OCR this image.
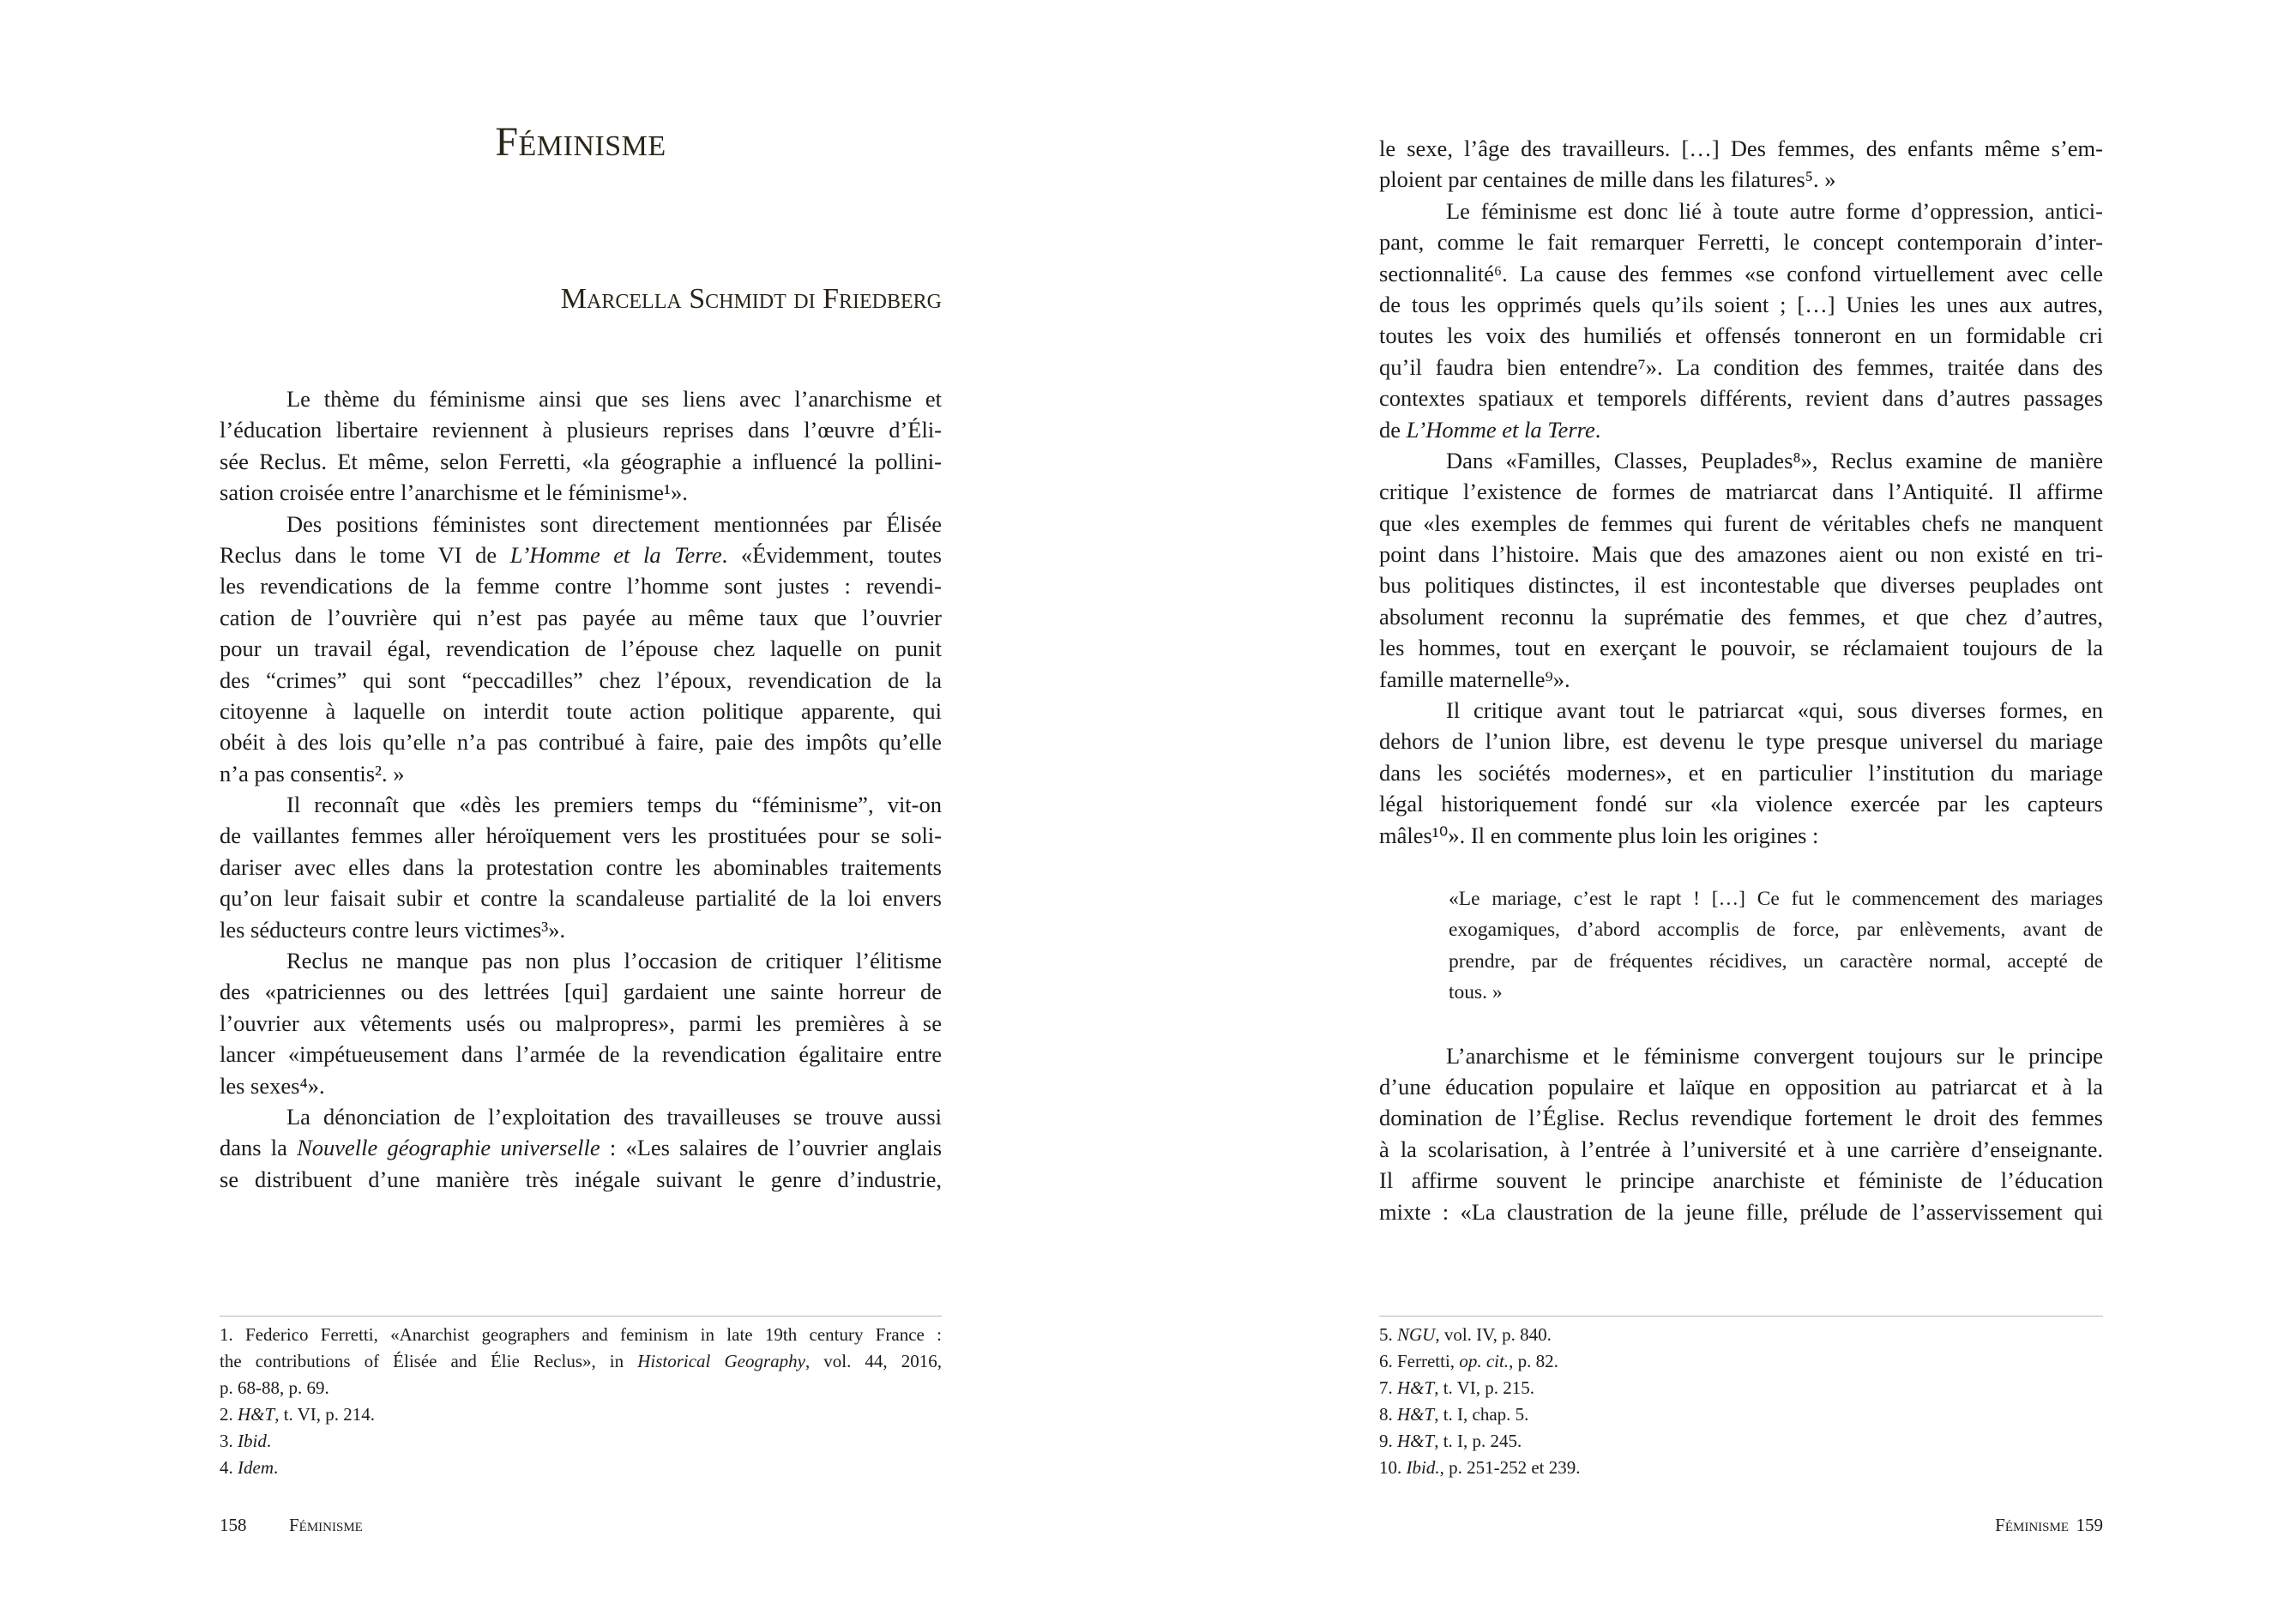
Féminisme
Marcella Schmidt di Friedberg
Le thème du féminisme ainsi que ses liens avec l’anarchisme et
l’éducation libertaire reviennent à plusieurs reprises dans l’œuvre d’Éli-
sée Reclus. Et même, selon Ferretti, «la géographie a influencé la pollini-
sation croisée entre l’anarchisme et le féminisme¹».
Des positions féministes sont directement mentionnées par Élisée
Reclus dans le tome VI de L’Homme et la Terre. «Évidemment, toutes
les revendications de la femme contre l’homme sont justes : revendi-
cation de l’ouvrière qui n’est pas payée au même taux que l’ouvrier
pour un travail égal, revendication de l’épouse chez laquelle on punit
des “crimes” qui sont “peccadilles” chez l’époux, revendication de la
citoyenne à laquelle on interdit toute action politique apparente, qui
obéit à des lois qu’elle n’a pas contribué à faire, paie des impôts qu’elle
n’a pas consentis². »
Il reconnaît que «dès les premiers temps du “féminisme”, vit-on
de vaillantes femmes aller héroïquement vers les prostituées pour se soli-
dariser avec elles dans la protestation contre les abominables traitements
qu’on leur faisait subir et contre la scandaleuse partialité de la loi envers
les séducteurs contre leurs victimes³».
Reclus ne manque pas non plus l’occasion de critiquer l’élitisme
des «patriciennes ou des lettrées [qui] gardaient une sainte horreur de
l’ouvrier aux vêtements usés ou malpropres», parmi les premières à se
lancer «impétueusement dans l’armée de la revendication égalitaire entre
les sexes⁴».
La dénonciation de l’exploitation des travailleuses se trouve aussi
dans la Nouvelle géographie universelle : «Les salaires de l’ouvrier anglais
se distribuent d’une manière très inégale suivant le genre d’industrie,
1. Federico Ferretti, «Anarchist geographers and feminism in late 19th century France :
the contributions of Élisée and Élie Reclus», in Historical Geography, vol. 44, 2016,
p. 68-88, p. 69.
2. H&T, t. VI, p. 214.
3. Ibid.
4. Idem.
158 Féminisme
le sexe, l’âge des travailleurs. […] Des femmes, des enfants même s’em-
ploient par centaines de mille dans les filatures⁵. »
Le féminisme est donc lié à toute autre forme d’oppression, antici-
pant, comme le fait remarquer Ferretti, le concept contemporain d’inter-
sectionnalité⁶. La cause des femmes «se confond virtuellement avec celle
de tous les opprimés quels qu’ils soient ; […] Unies les unes aux autres,
toutes les voix des humiliés et offensés tonneront en un formidable cri
qu’il faudra bien entendre⁷». La condition des femmes, traitée dans des
contextes spatiaux et temporels différents, revient dans d’autres passages
de L’Homme et la Terre.
Dans «Familles, Classes, Peuplades⁸», Reclus examine de manière
critique l’existence de formes de matriarcat dans l’Antiquité. Il affirme
que «les exemples de femmes qui furent de véritables chefs ne manquent
point dans l’histoire. Mais que des amazones aient ou non existé en tri-
bus politiques distinctes, il est incontestable que diverses peuplades ont
absolument reconnu la suprématie des femmes, et que chez d’autres,
les hommes, tout en exerçant le pouvoir, se réclamaient toujours de la
famille maternelle⁹».
Il critique avant tout le patriarcat «qui, sous diverses formes, en
dehors de l’union libre, est devenu le type presque universel du mariage
dans les sociétés modernes», et en particulier l’institution du mariage
légal historiquement fondé sur «la violence exercée par les capteurs
mâles¹⁰». Il en commente plus loin les origines :
«Le mariage, c’est le rapt ! […] Ce fut le commencement des mariages
exogamiques, d’abord accomplis de force, par enlèvements, avant de
prendre, par de fréquentes récidives, un caractère normal, accepté de
tous. »
L’anarchisme et le féminisme convergent toujours sur le principe
d’une éducation populaire et laïque en opposition au patriarcat et à la
domination de l’Église. Reclus revendique fortement le droit des femmes
à la scolarisation, à l’entrée à l’université et à une carrière d’enseignante.
Il affirme souvent le principe anarchiste et féministe de l’éducation
mixte : «La claustration de la jeune fille, prélude de l’asservissement qui
5. NGU, vol. IV, p. 840.
6. Ferretti, op. cit., p. 82.
7. H&T, t. VI, p. 215.
8. H&T, t. I, chap. 5.
9. H&T, t. I, p. 245.
10. Ibid., p. 251-252 et 239.
Féminisme 159
